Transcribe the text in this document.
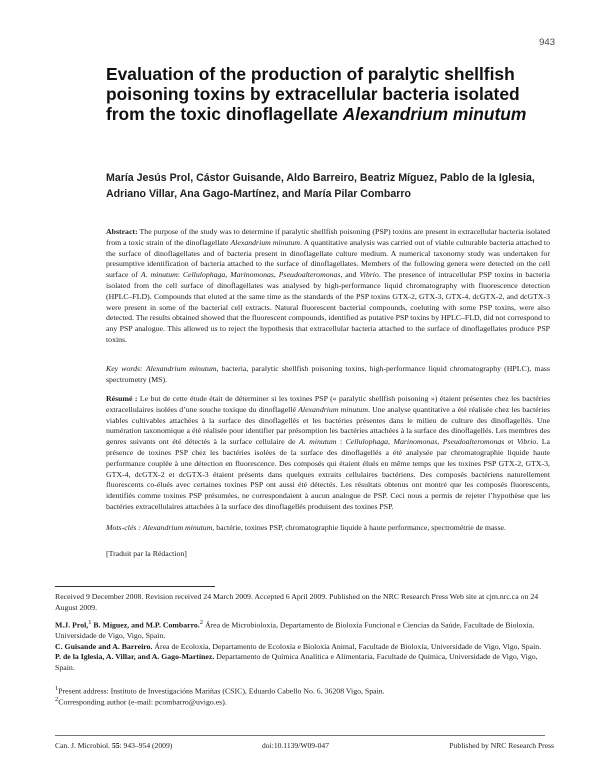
943
Evaluation of the production of paralytic shellfish poisoning toxins by extracellular bacteria isolated from the toxic dinoflagellate Alexandrium minutum
María Jesús Prol, Cástor Guisande, Aldo Barreiro, Beatriz Míguez, Pablo de la Iglesia, Adriano Villar, Ana Gago-Martínez, and María Pilar Combarro
Abstract: The purpose of the study was to determine if paralytic shellfish poisoning (PSP) toxins are present in extracellular bacteria isolated from a toxic strain of the dinoflagellate Alexandrium minutum. A quantitative analysis was carried out of viable culturable bacteria attached to the surface of dinoflagellates and of bacteria present in dinoflagellate culture medium. A numerical taxonomy study was undertaken for presumptive identification of bacteria attached to the surface of dinoflagellates. Members of the following genera were detected on the cell surface of A. minutum: Cellulophaga, Marinomonas, Pseudoalteromonas, and Vibrio. The presence of intracellular PSP toxins in bacteria isolated from the cell surface of dinoflagellates was analysed by high-performance liquid chromatography with fluorescence detection (HPLC–FLD). Compounds that eluted at the same time as the standards of the PSP toxins GTX-2, GTX-3, GTX-4, dcGTX-2, and dcGTX-3 were present in some of the bacterial cell extracts. Natural fluorescent bacterial compounds, coeluting with some PSP toxins, were also detected. The results obtained showed that the fluorescent compounds, identified as putative PSP toxins by HPLC–FLD, did not correspond to any PSP analogue. This allowed us to reject the hypothesis that extracellular bacteria attached to the surface of dinoflagellates produce PSP toxins.
Key words: Alexandrium minutum, bacteria, paralytic shellfish poisoning toxins, high-performance liquid chromatography (HPLC), mass spectrometry (MS).
Résumé : Le but de cette étude était de déterminer si les toxines PSP (« paralytic shellfish poisoning ») étaient présentes chez les bactéries extracellulaires isolées d’une souche toxique du dinoflagellé Alexandrium minutum. Une analyse quantitative a été réalisée chez les bactéries viables cultivables attachées à la surface des dinoflagellés et les bactéries présentes dans le milieu de culture des dinoflagellés. Une numération taxonomique a été réalisée pour identifier par présomption les bactéries attachées à la surface des dinoflagellés. Les membres des genres suivants ont été détectés à la surface cellulaire de A. minutum : Cellulophaga, Marinomonas, Pseudoalteromonas et Vibrio. La présence de toxines PSP chez les bactéries isolées de la surface des dinoflagellés a été analysée par chromatographie liquide haute performance couplée à une détection en fluorescence. Des composés qui étaient élués en même temps que les toxines PSP GTX-2, GTX-3, GTX-4, dcGTX-2 et dcGTX-3 étaient présents dans quelques extraits cellulaires bactériens. Des composés bactériens naturellement fluorescents co-élués avec certaines toxines PSP ont aussi été détectés. Les résultats obtenus ont montré que les composés fluorescents, identifiés comme toxines PSP présumées, ne correspondaient à aucun analogue de PSP. Ceci nous a permis de rejeter l’hypothèse que les bactéries extracellulaires attachées à la surface des dinoflagellés produisent des toxines PSP.
Mots-clés : Alexandrium minutum, bactérie, toxines PSP, chromatographie liquide à haute performance, spectrométrie de masse.
[Traduit par la Rédaction]
Received 9 December 2008. Revision received 24 March 2009. Accepted 6 April 2009. Published on the NRC Research Press Web site at cjm.nrc.ca on 24 August 2009.
M.J. Prol,$^1$ B. Míguez, and M.P. Combarro.$^2$ Área de Microbioloxía, Departamento de Bioloxía Funcional e Ciencias da Saúde, Facultade de Bioloxía, Universidade de Vigo, Vigo, Spain.
C. Guisande and A. Barreiro. Área de Ecoloxía, Departamento de Ecoloxía e Bioloxía Animal, Facultade de Bioloxía, Universidade de Vigo, Vigo, Spain.
P. de la Iglesia, A. Villar, and A. Gago-Martínez. Departamento de Química Analítica e Alimentaria, Facultade de Química, Universidade de Vigo, Vigo, Spain.
$^1$Present address: Instituto de Investigacións Mariñas (CSIC), Eduardo Cabello No. 6, 36208 Vigo, Spain.
$^2$Corresponding author (e-mail: pcombarro@uvigo.es).
Can. J. Microbiol. 55: 943–954 (2009)	doi:10.1139/W09-047	Published by NRC Research Press
